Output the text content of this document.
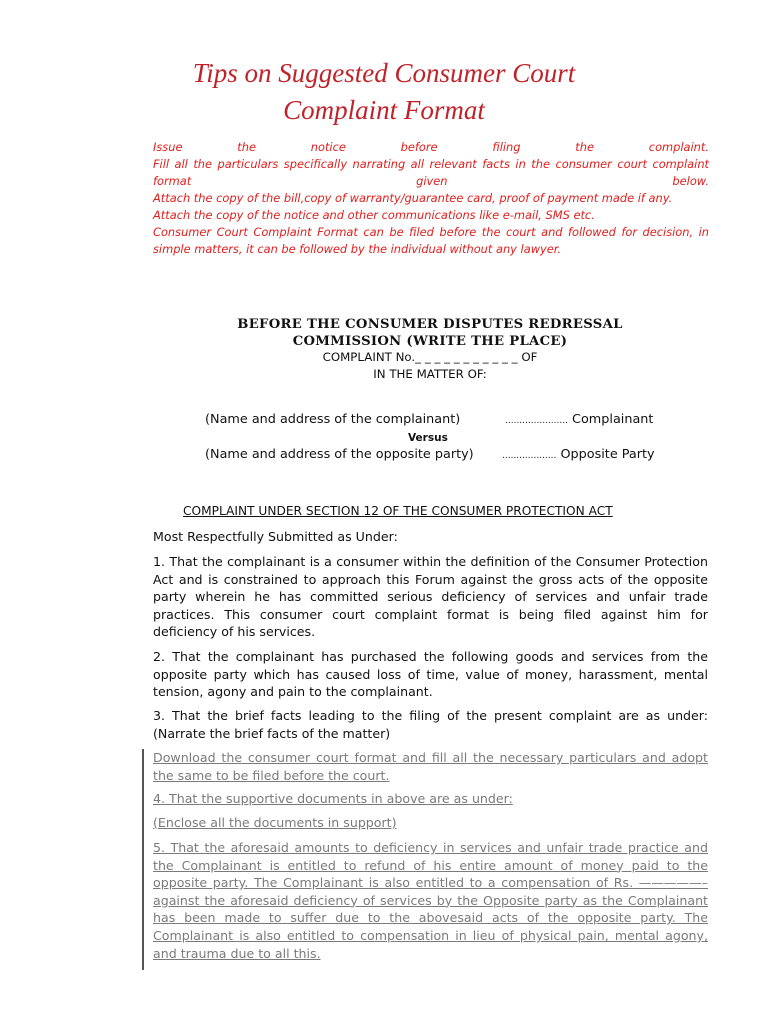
Tips on Suggested Consumer Court
Complaint Format

Issue the notice before filing the complaint.

Fill all the particulars specifically narrating all relevant facts in the consumer court complaint format given below.

Attach the copy of the bill,copy of warranty/guarantee card, proof of payment made if any.

Attach the copy of the notice and other communications like e-mail, SMS etc.

Consumer Court Complaint Format can be filed before the court and followed for decision, in simple matters, it can be followed by the individual without any lawyer.

BEFORE THE CONSUMER DISPUTES REDRESSAL
COMMISSION (WRITE THE PLACE)
COMPLAINT No._ _ _ _ _ _ _ _ _ _ _ OF
IN THE MATTER OF:
(Name and address of the complainant)	...................... Complainant
Versus
(Name and address of the opposite party)	................... Opposite Party
COMPLAINT UNDER SECTION 12 OF THE CONSUMER PROTECTION ACT
Most Respectfully Submitted as Under:

1. That the complainant is a consumer within the definition of the Consumer Protection Act and is constrained to approach this Forum against the gross acts of the opposite party wherein he has committed serious deficiency of services and unfair trade practices. This consumer court complaint format is being filed against him for deficiency of his services.

2. That the complainant has purchased the following goods and services from the opposite party which has caused loss of time, value of money, harassment, mental tension, agony and pain to the complainant.

3. That the brief facts leading to the filing of the present complaint are as under: (Narrate the brief facts of the matter)

Download the consumer court format and fill all the necessary particulars and adopt the same to be filed before the court.

4. That the supportive documents in above are as under:

(Enclose all the documents in support)

5. That the aforesaid amounts to deficiency in services and unfair trade practice and the Complainant is entitled to refund of his entire amount of money paid to the opposite party. The Complainant is also entitled to a compensation of Rs. —————– against the aforesaid deficiency of services by the Opposite party as the Complainant has been made to suffer due to the abovesaid acts of the opposite party. The Complainant is also entitled to compensation in lieu of physical pain, mental agony, and trauma due to all this.
